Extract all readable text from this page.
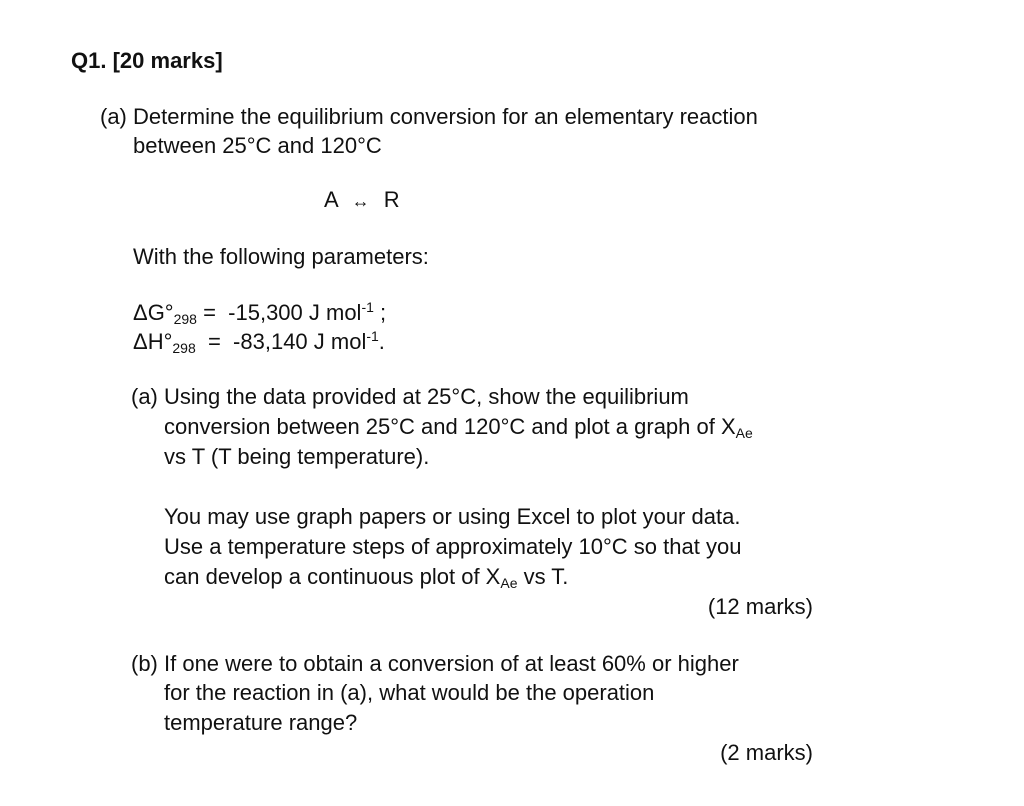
Q1. [20 marks]
(a) Determine the equilibrium conversion for an elementary reaction
between 25°C and 120°C
A ↔ R
With the following parameters:
$\Delta G^\circ_{298} = -15,300$ J mol$^{-1}$ ;
$\Delta H^\circ_{298} = -83,140$ J mol$^{-1}$.
(a) Using the data provided at 25°C, show the equilibrium
conversion between 25°C and 120°C and plot a graph of $X_{Ae}$
vs T (T being temperature).
You may use graph papers or using Excel to plot your data.
Use a temperature steps of approximately 10°C so that you
can develop a continuous plot of $X_{Ae}$ vs T.
(12 marks)
(b) If one were to obtain a conversion of at least 60% or higher
for the reaction in (a), what would be the operation
temperature range?
(2 marks)
